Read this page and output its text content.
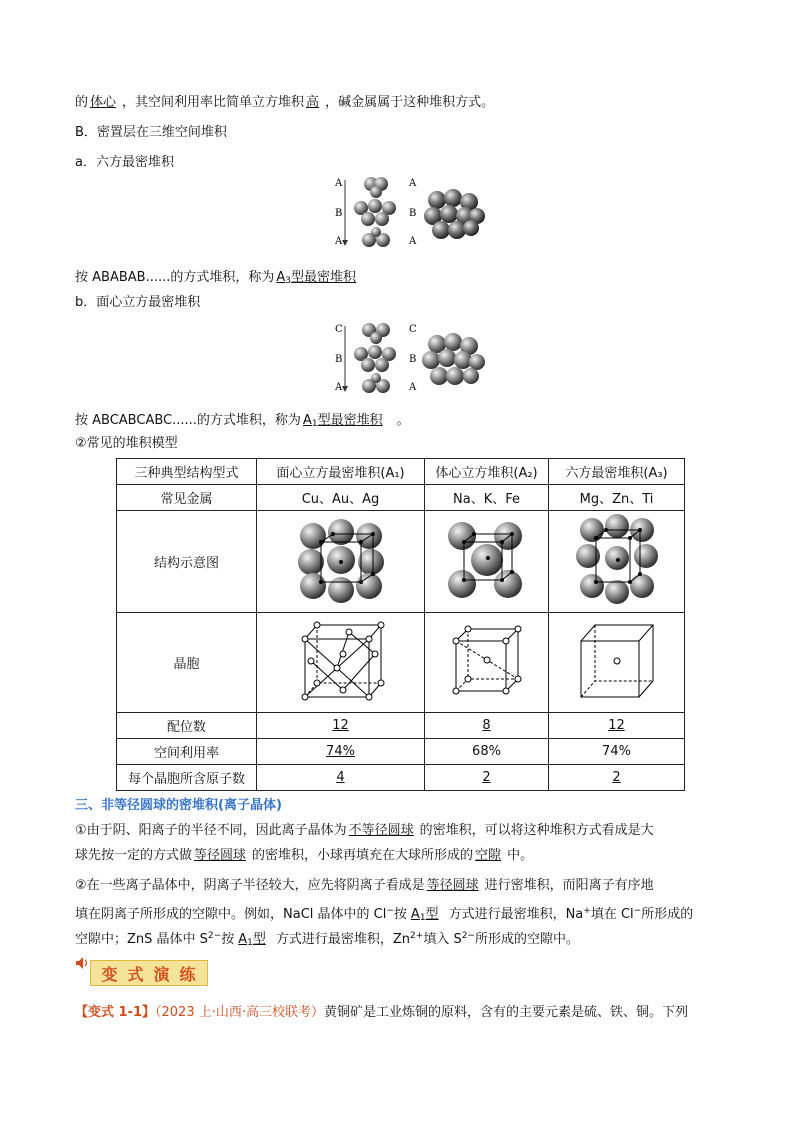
的 体心 ，其空间利用率比简单立方堆积 高 ，碱金属属于这种堆积方式。
B．密置层在三维空间堆积
a．六方最密堆积
A
B
A
A
B
A
按 ABABAB......的方式堆积，称为 $A_3$型最密堆积
b．面心立方最密堆积
C
B
A
C
B
A
按 ABCABCABC......的方式堆积，称为 $A_1$型最密堆积 。
②常见的堆积模型
三种典型结构型式	面心立方最密堆积(A₁)	体心立方堆积(A₂)	六方最密堆积(A₃)
常见金属	Cu、Au、Ag	Na、K、Fe	Mg、Zn、Ti
结构示意图			
晶胞			
配位数	12	8	12
空间利用率	74%	68%	74%
每个晶胞所含原子数	4	2	2
三、非等径圆球的密堆积(离子晶体)
①由于阴、阳离子的半径不同，因此离子晶体为 不等径圆球 的密堆积，可以将这种堆积方式看成是大
球先按一定的方式做 等径圆球 的密堆积，小球再填充在大球所形成的 空隙 中。
②在一些离子晶体中，阴离子半径较大，应先将阴离子看成是 等径圆球 进行密堆积，而阳离子有序地
填在阴离子所形成的空隙中。例如，NaCl 晶体中的 Cl−按 $A_1$型 方式进行最密堆积，Na+填在 Cl−所形成的
空隙中；ZnS 晶体中 $S^{2-}$按 $A_1$型 方式进行最密堆积，$Zn^{2+}$填入 $S^{2-}$所形成的空隙中。
变 式 演 练
【变式 1-1】（2023 上·山西·高三校联考）黄铜矿是工业炼铜的原料，含有的主要元素是硫、铁、铜。下列
